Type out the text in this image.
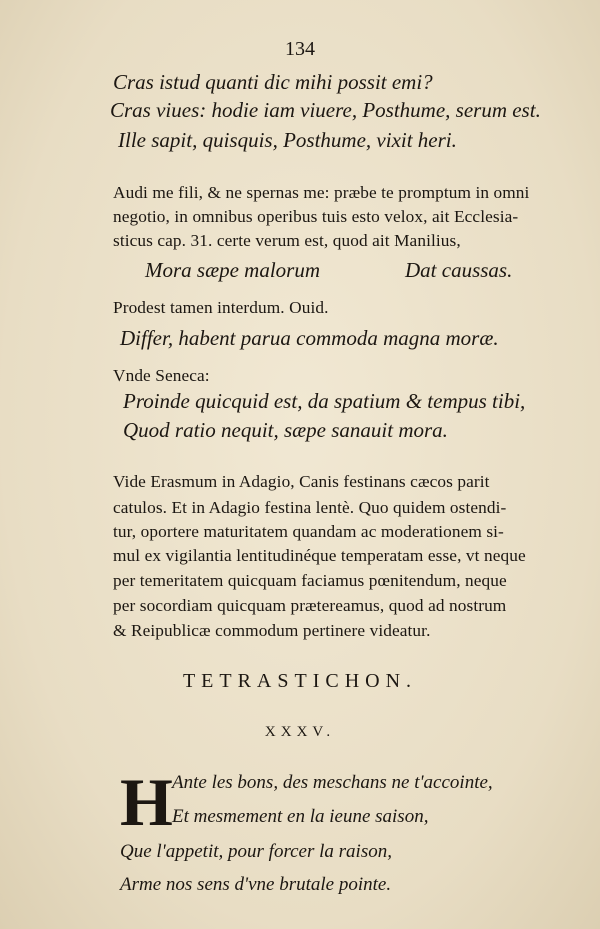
134
Cras istud quanti dic mihi possit emi?
Cras viues: hodie iam viuere, Posthume, serum est.
Ille sapit, quisquis, Posthume, vixit heri.
Audi me fili, & ne spernas me: præbe te promptum in omni
negotio, in omnibus operibus tuis esto velox, ait Ecclesia-
sticus cap. 31. certe verum est, quod ait Manilius,
Mora sæpe malorum	Dat caussas.
Prodest tamen interdum. Ouid.
Differ, habent parua commoda magna moræ.
Vnde Seneca:
Proinde quicquid est, da spatium & tempus tibi,
Quod ratio nequit, sæpe sanauit mora.
Vide Erasmum in Adagio, Canis festinans cæcos parit
catulos. Et in Adagio festina lentè. Quo quidem ostendi-
tur, oportere maturitatem quandam ac moderationem si-
mul ex vigilantia lentitudinéque temperatam esse, vt neque
per temeritatem quicquam faciamus pœnitendum, neque
per socordiam quicquam prætereamus, quod ad nostrum
& Reipublicæ commodum pertinere videatur.
TETRASTICHON.
XXXV.
H Ante les bons, des meschans ne t'accointe,
Et mesmement en la ieune saison,
Que l'appetit, pour forcer la raison,
Arme nos sens d'vne brutale pointe.
